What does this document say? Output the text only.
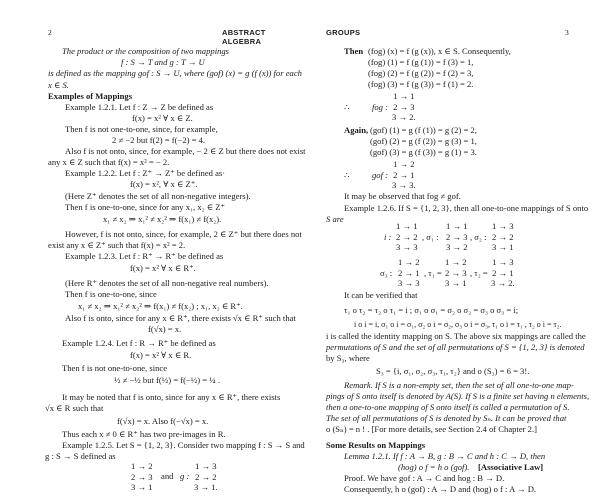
2	ABSTRACT ALGEBRA
The product or the composition of two mappings
f : S → T and g : T → U
is defined as the mapping gof : S → U, where (gof) (x) = g (f (x)) for each
x ∈ S.
Examples of Mappings
Example 1.2.1. Let f : Z → Z be defined as
f(x) = x² ∀ x ∈ Z.
Then f is not one-to-one, since, for example,
2 ≠ −2 but f(2) = f(−2) = 4.
Also f is not onto, since, for example, − 2 ∈ Z but there does not exist
any x ∈ Z such that f(x) = x² = − 2.
Example 1.2.2. Let f : Z⁺ → Z⁺ be defined as·
f(x) = x², ∀ x ∈ Z⁺.
(Here Z⁺ denotes the set of all non-negative integers).
Then f is one-to-one, since for any x₁, x₂ ∈ Z⁺
x₁ ≠ x₂ ⇒ x₁² ≠ x₂² ⇒ f(x₁) ≠ f(x₂).
However, f is not onto, since, for example, 2 ∈ Z⁺ but there does not
exist any x ∈ Z⁺ such that f(x) = x² = 2.
Example 1.2.3. Let f : R⁺ → R⁺ be defined as
f(x) = x² ∀ x ∈ R⁺.
(Here R⁺ denotes the set of all non-negative real numbers).
Then f is one-to-one, since
x₁ ≠ x₂ ⇒ x₁² ≠ x₂² ⇒ f(x₁) ≠ f(x₂) ; x₁, x₂ ∈ R⁺.
Also f is onto, since for any x ∈ R⁺, there exists √x ∈ R⁺ such that
f(√x) = x.
Example 1.2.4. Let f : R → R⁺ be defined as
f(x) = x² ∀ x ∈ R.
Then f is not one-to-one, since
½ ≠ −½ but f(½) = f(−½) = ¼ .
It may be noted that f is onto, since for any x ∈ R⁺, there exists
√x ∈ R such that
f(√x) = x. Also f(−√x) = x.
Thus each x ≠ 0 ∈ R⁺ has two pre-images in R.
Example 1.2.5. Let S = {1, 2, 3}. Consider two mapping f : S → S and
g : S → S defined as
1 → 2
2 → 3
3 → 1
and g :
1 → 3
2 → 2
3 → 1.
GROUPS	3
Then (fog) (x) = f (g (x)), x ∈ S. Consequently,
(fog) (1) = f (g (1)) = f (3) = 1,
(fog) (2) = f (g (2)) = f (2) = 3,
(fog) (3) = f (g (3)) = f (1) = 2.
∴	fog :
1 → 1
2 → 3
3 → 2.
Again, (gof) (1) = g (f (1)) = g (2) = 2,
(gof) (2) = g (f (2)) = g (3) = 1,
(gof) (3) = g (f (3)) = g (1) = 3.
∴	gof :
1 → 2
2 → 1
3 → 3.
It may be observed that fog ≠ gof.
Example 1.2.6. If S = {1, 2, 3}, then all one-to-one mappings of S onto
S are
i :
1 → 1
2 → 2
3 → 3
, σ₁ :
1 → 1
2 → 3
3 → 2
, σ₂ :
1 → 3
2 → 2
3 → 1
σ₃ :
1 → 2
2 → 1
3 → 3
, τ₁ =
1 → 2
2 → 3
3 → 1
, τ₂ =
1 → 3
2 → 1
3 → 2.
It can be verified that
τ₁ o τ₂ = τ₂ o τ₁ = i ; σ₁ o σ₁ = σ₂ o σ₂ = σ₃ o σ₃ = i;
i o i = i, σ₁ o i = σ₁, σ₂ o i = σ₂, σ₃ o i = σ₃, τ₁ o i = τ₁ , τ₂ o i = τ₂.
i is called the identity mapping on S. The above six mappings are called the
permutations of S and the set of all permutations of S = {1, 2, 3} is denoted
by S₃, where
S₃ = {i, σ₁, σ₂, σ₃, τ₁, τ₂} and o (S₃) = 6 = 3!.
Remark. If S is a non-empty set, then the set of all one-to-one map-
pings of S onto itself is denoted by A(S). If S is a finite set having n elements,
then a one-to-one mapping of S onto itself is called a permutation of S.
The set of all permutations of S is denoted by Sₙ. It can be proved that
o (Sₙ) = n ! . [For more details, see Section 2.4 of Chapter 2.]
Some Results on Mappings
Lemma 1.2.1. If f : A → B, g : B → C and h : C → D, then
(hog) o f = h o (gof). [Associative Law]
Proof. We have gof : A → C and hog : B → D.
Consequently, h o (gof) : A → D and (hog) o f : A → D.
